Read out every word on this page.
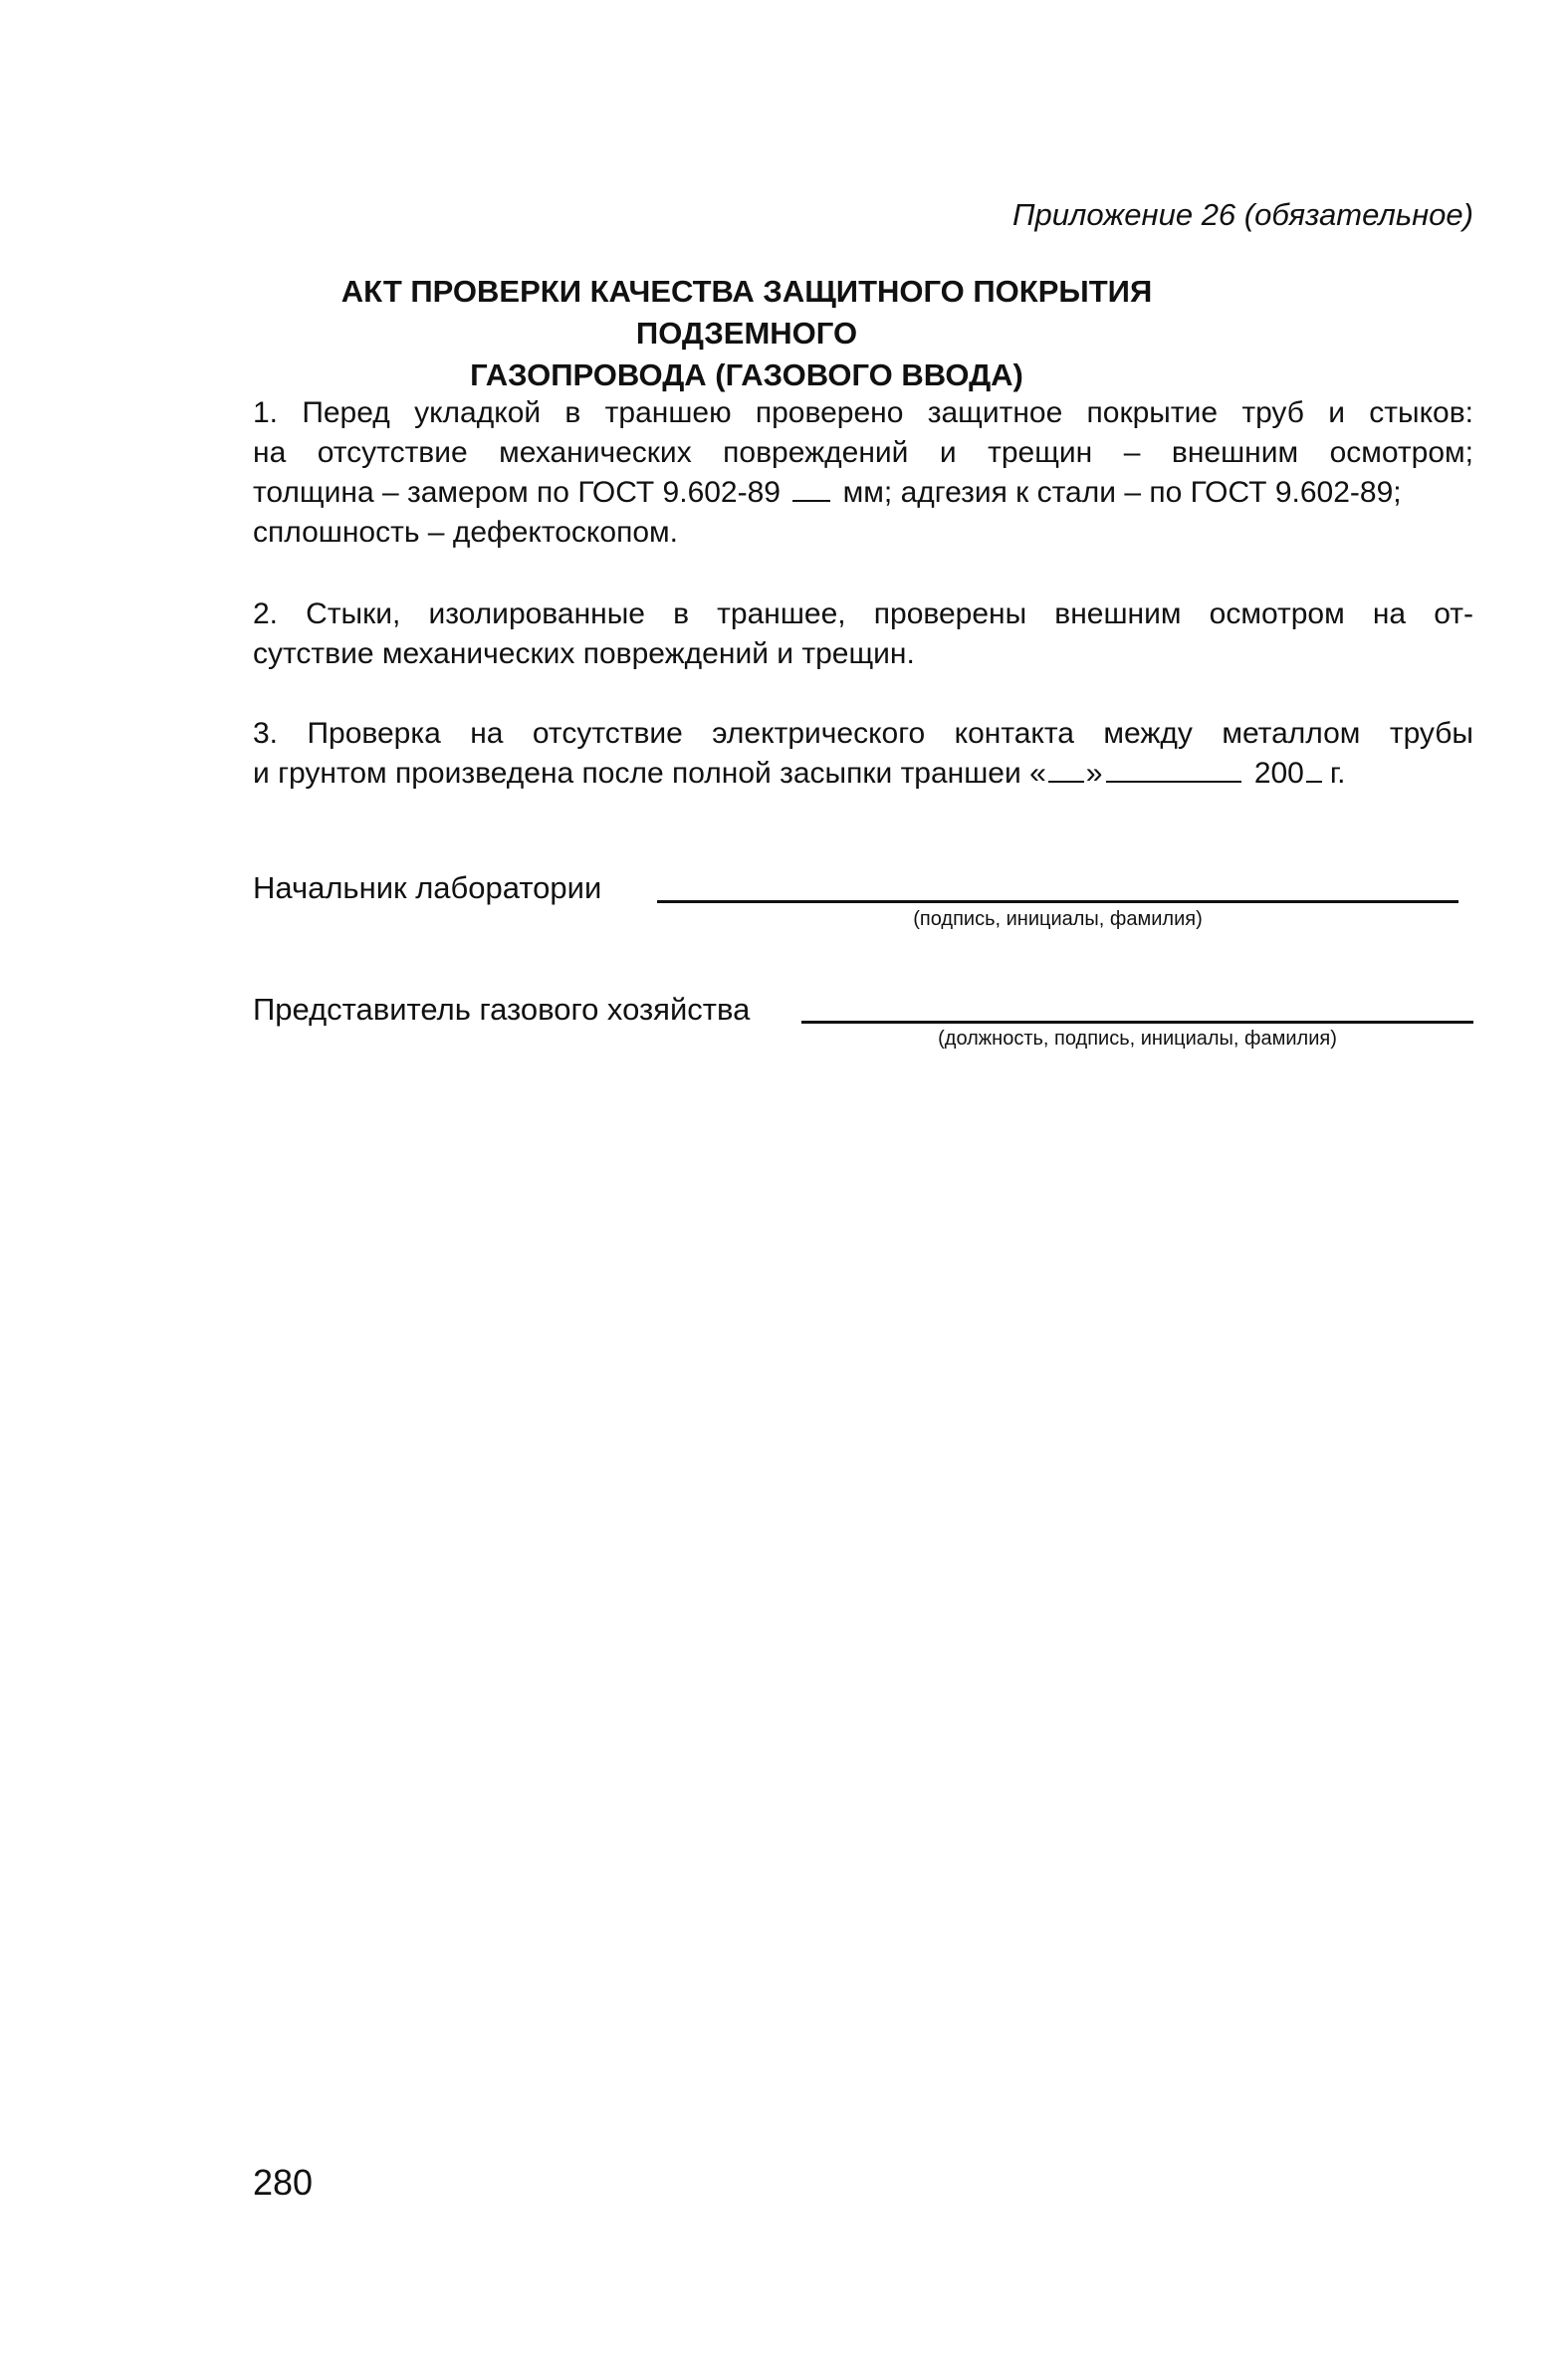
Приложение 26 (обязательное)
АКТ ПРОВЕРКИ КАЧЕСТВА ЗАЩИТНОГО ПОКРЫТИЯ ПОДЗЕМНОГО
ГАЗОПРОВОДА (ГАЗОВОГО ВВОДА)
1. Перед укладкой в траншею проверено защитное покрытие труб и стыков:
на отсутствие механических повреждений и трещин – внешним осмотром;
толщина – замером по ГОСТ 9.602-89 мм; адгезия к стали – по ГОСТ 9.602-89;
сплошность – дефектоскопом.
2. Стыки, изолированные в траншее, проверены внешним осмотром на от-
сутствие механических повреждений и трещин.
3. Проверка на отсутствие электрического контакта между металлом трубы
и грунтом произведена после полной засыпки траншеи « »	200 г.
Начальник лаборатории
(подпись, инициалы, фамилия)
Представитель газового хозяйства
(должность, подпись, инициалы, фамилия)
280
